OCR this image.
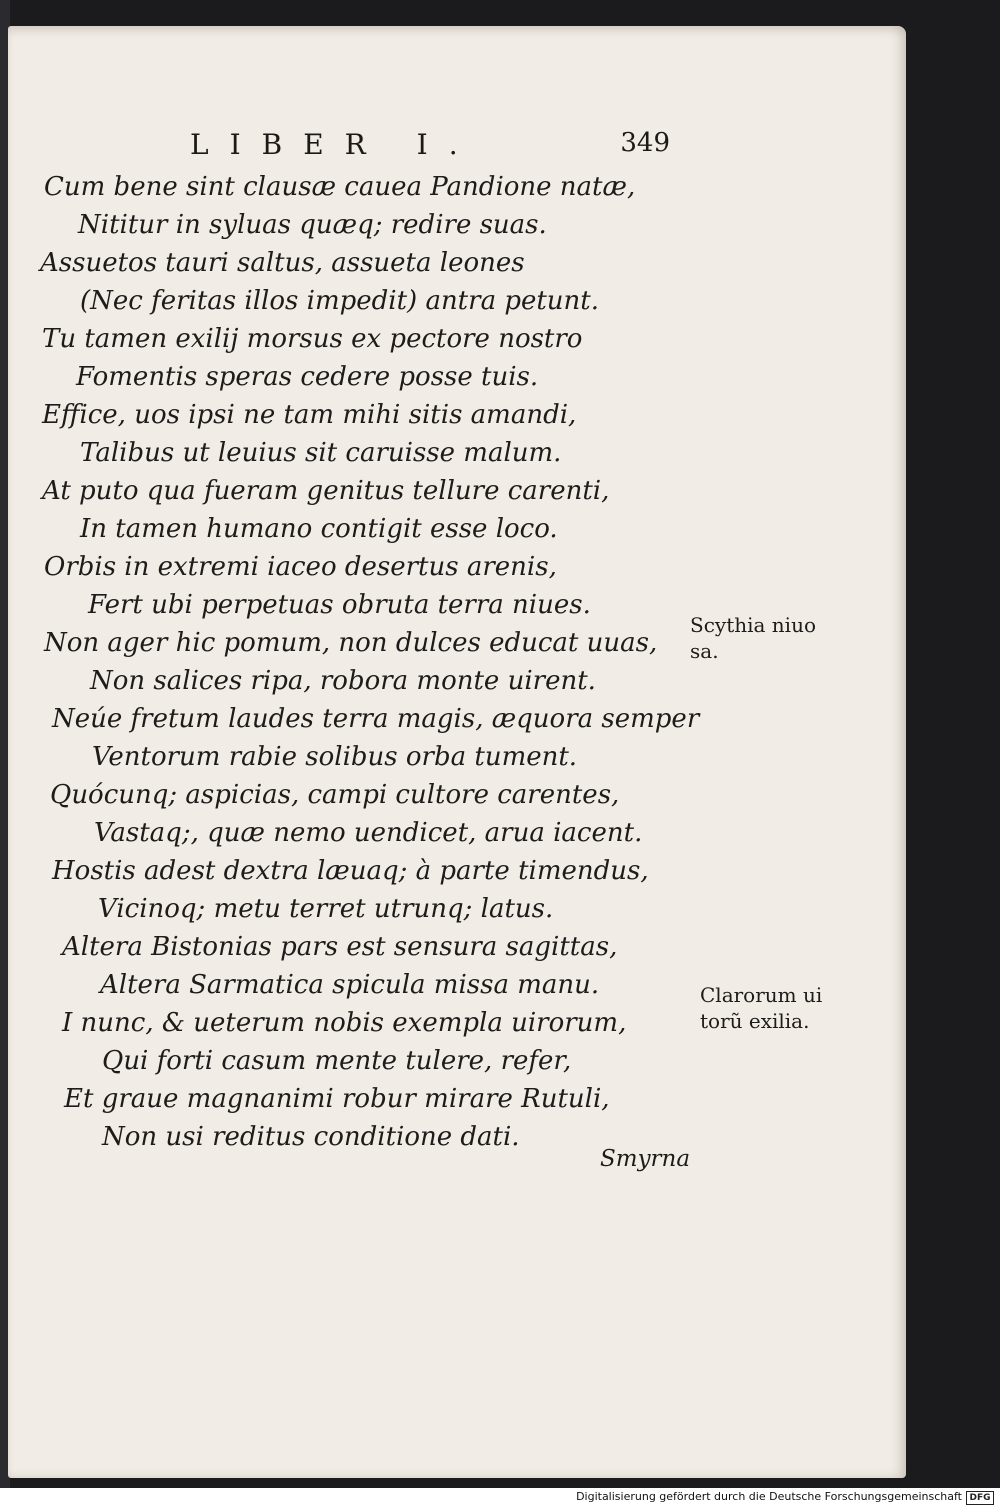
LIBER I.	349
Cum bene sint clausæ cauea Pandione natæ,
Nititur in syluas quæq; redire suas.
Assuetos tauri saltus, assueta leones
(Nec feritas illos impedit) antra petunt.
Tu tamen exilij morsus ex pectore nostro
Fomentis speras cedere posse tuis.
Effice, uos ipsi ne tam mihi sitis amandi,
Talibus ut leuius sit caruisse malum.
At puto qua fueram genitus tellure carenti,
In tamen humano contigit esse loco.
Orbis in extremi iaceo desertus arenis,
Fert ubi perpetuas obruta terra niues.
Non ager hic pomum, non dulces educat uuas,
Non salices ripa, robora monte uirent.
Neúe fretum laudes terra magis, æquora semper
Ventorum rabie solibus orba tument.
Quócunq; aspicias, campi cultore carentes,
Vastaq;, quæ nemo uendicet, arua iacent.
Hostis adest dextra læuaq; à parte timendus,
Vicinoq; metu terret utrunq; latus.
Altera Bistonias pars est sensura sagittas,
Altera Sarmatica spicula missa manu.
I nunc, & ueterum nobis exempla uirorum,
Qui forti casum mente tulere, refer,
Et graue magnanimi robur mirare Rutuli,
Non usi reditus conditione dati.
Scythia niuo
sa.
Clarorum ui
torũ exilia.
Smyrna
Digitalisierung gefördert durch die Deutsche Forschungsgemeinschaft DFG
